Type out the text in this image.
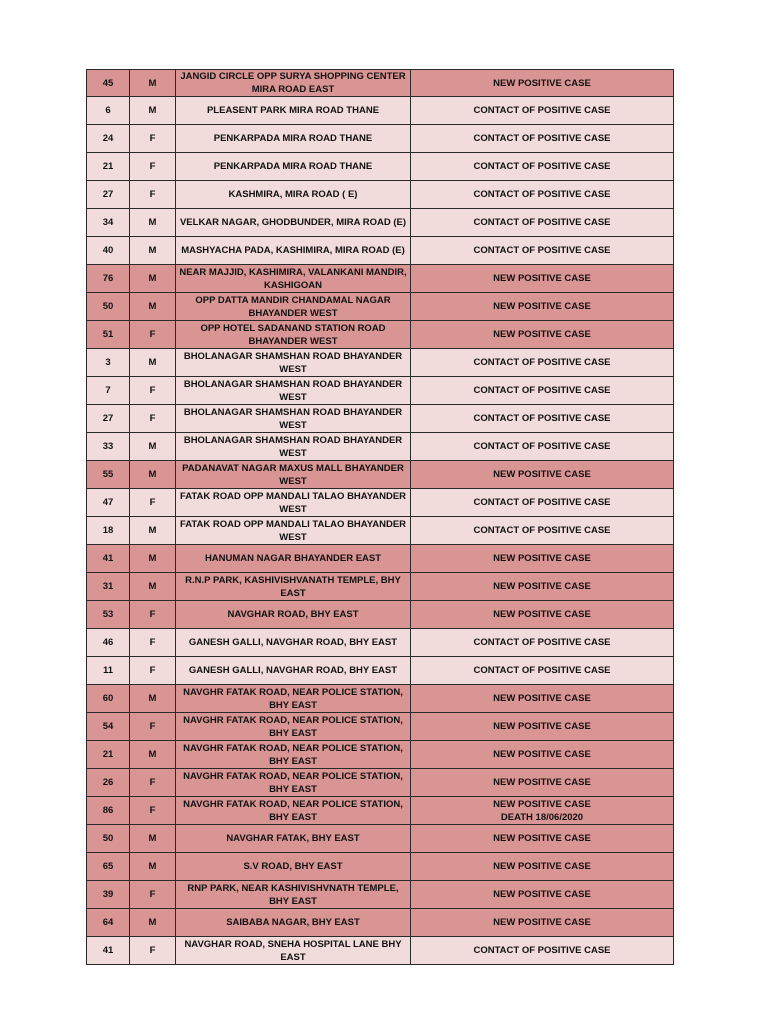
45	M	JANGID CIRCLE OPP SURYA SHOPPING CENTER MIRA ROAD EAST	NEW POSITIVE CASE
6	M	PLEASENT PARK MIRA ROAD THANE	CONTACT OF POSITIVE CASE
24	F	PENKARPADA MIRA ROAD THANE	CONTACT OF POSITIVE CASE
21	F	PENKARPADA MIRA ROAD THANE	CONTACT OF POSITIVE CASE
27	F	KASHMIRA, MIRA ROAD ( E)	CONTACT OF POSITIVE CASE
34	M	VELKAR NAGAR, GHODBUNDER, MIRA ROAD (E)	CONTACT OF POSITIVE CASE
40	M	MASHYACHA PADA, KASHIMIRA, MIRA ROAD (E)	CONTACT OF POSITIVE CASE
76	M	NEAR MAJJID, KASHIMIRA, VALANKANI MANDIR, KASHIGOAN	NEW POSITIVE CASE
50	M	OPP DATTA MANDIR CHANDAMAL NAGAR BHAYANDER WEST	NEW POSITIVE CASE
51	F	OPP HOTEL SADANAND STATION ROAD BHAYANDER WEST	NEW POSITIVE CASE
3	M	BHOLANAGAR SHAMSHAN ROAD BHAYANDER WEST	CONTACT OF POSITIVE CASE
7	F	BHOLANAGAR SHAMSHAN ROAD BHAYANDER WEST	CONTACT OF POSITIVE CASE
27	F	BHOLANAGAR SHAMSHAN ROAD BHAYANDER WEST	CONTACT OF POSITIVE CASE
33	M	BHOLANAGAR SHAMSHAN ROAD BHAYANDER WEST	CONTACT OF POSITIVE CASE
55	M	PADANAVAT NAGAR MAXUS MALL BHAYANDER WEST	NEW POSITIVE CASE
47	F	FATAK ROAD OPP MANDALI TALAO BHAYANDER WEST	CONTACT OF POSITIVE CASE
18	M	FATAK ROAD OPP MANDALI TALAO BHAYANDER WEST	CONTACT OF POSITIVE CASE
41	M	HANUMAN NAGAR BHAYANDER EAST	NEW POSITIVE CASE
31	M	R.N.P PARK, KASHIVISHVANATH TEMPLE, BHY EAST	NEW POSITIVE CASE
53	F	NAVGHAR ROAD, BHY EAST	NEW POSITIVE CASE
46	F	GANESH GALLI, NAVGHAR ROAD, BHY EAST	CONTACT OF POSITIVE CASE
11	F	GANESH GALLI, NAVGHAR ROAD, BHY EAST	CONTACT OF POSITIVE CASE
60	M	NAVGHR FATAK ROAD, NEAR POLICE STATION, BHY EAST	NEW POSITIVE CASE
54	F	NAVGHR FATAK ROAD, NEAR POLICE STATION, BHY EAST	NEW POSITIVE CASE
21	M	NAVGHR FATAK ROAD, NEAR POLICE STATION, BHY EAST	NEW POSITIVE CASE
26	F	NAVGHR FATAK ROAD, NEAR POLICE STATION, BHY EAST	NEW POSITIVE CASE
86	F	NAVGHR FATAK ROAD, NEAR POLICE STATION, BHY EAST	NEW POSITIVE CASE
DEATH 18/06/2020

50	M	NAVGHAR FATAK, BHY EAST	NEW POSITIVE CASE
65	M	S.V ROAD, BHY EAST	NEW POSITIVE CASE
39	F	RNP PARK, NEAR KASHIVISHVNATH TEMPLE, BHY EAST	NEW POSITIVE CASE
64	M	SAIBABA NAGAR, BHY EAST	NEW POSITIVE CASE
41	F	NAVGHAR ROAD, SNEHA HOSPITAL LANE BHY EAST	CONTACT OF POSITIVE CASE
